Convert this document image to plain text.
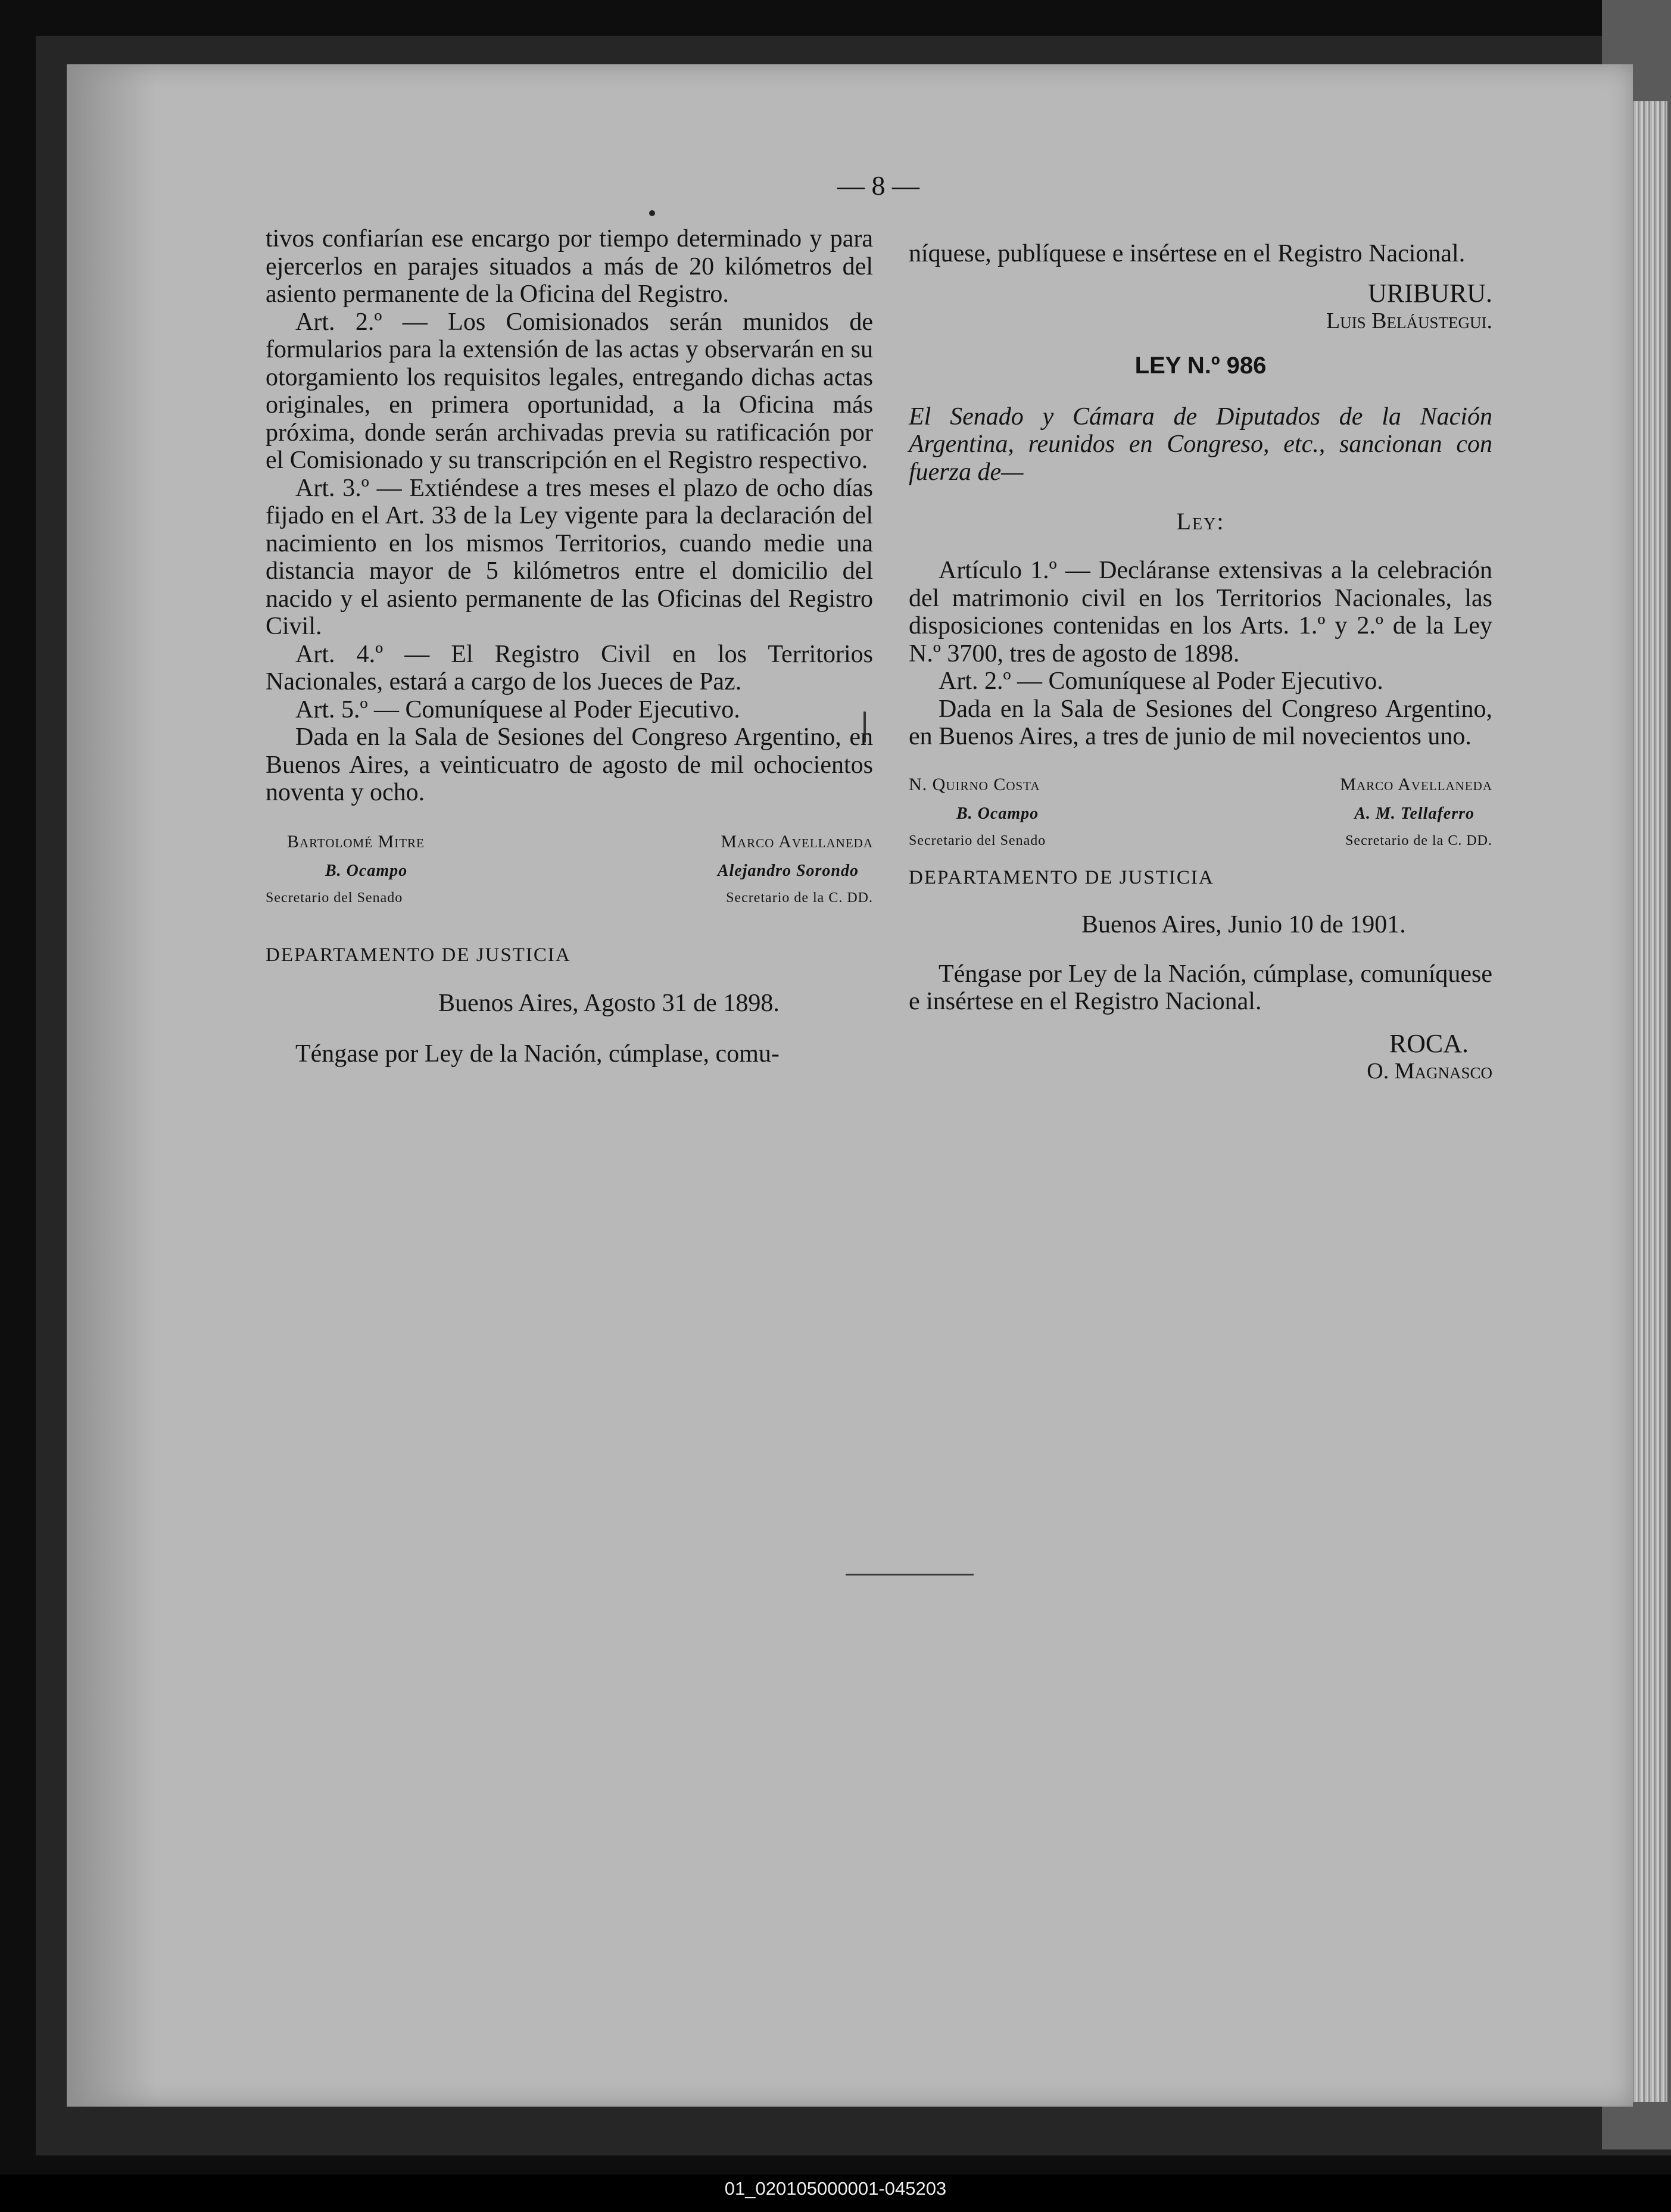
— 8 —

tivos confiarían ese encargo por tiempo determinado y para ejercerlos en parajes situados a más de 20 kilómetros del asiento permanente de la Oficina del Registro.

Art. 2.º — Los Comisionados serán munidos de formularios para la extensión de las actas y observarán en su otorgamiento los requisitos legales, entregando dichas actas originales, en primera oportunidad, a la Oficina más próxima, donde serán archivadas previa su ratificación por el Comisionado y su transcripción en el Registro respectivo.

Art. 3.º — Extiéndese a tres meses el plazo de ocho días fijado en el Art. 33 de la Ley vigente para la declaración del nacimiento en los mismos Territorios, cuando medie una distancia mayor de 5 kilómetros entre el domicilio del nacido y el asiento permanente de las Oficinas del Registro Civil.

Art. 4.º — El Registro Civil en los Territorios Nacionales, estará a cargo de los Jueces de Paz.

Art. 5.º — Comuníquese al Poder Ejecutivo.

Dada en la Sala de Sesiones del Congreso Argentino, en Buenos Aires, a veinticuatro de agosto de mil ochocientos noventa y ocho.

Bartolomé Mitre	Marco Avellaneda
B. Ocampo	Alejandro Sorondo
Secretario del Senado	Secretario de la C. DD.

DEPARTAMENTO DE JUSTICIA

Buenos Aires, Agosto 31 de 1898.

Téngase por Ley de la Nación, cúmplase, comu-

níquese, publíquese e insértese en el Registro Nacional.

URIBURU.

Luis Beláustegui.

LEY N.º 986

El Senado y Cámara de Diputados de la Nación Argentina, reunidos en Congreso, etc., sancionan con fuerza de—

Ley:

Artículo 1.º — Decláranse extensivas a la celebración del matrimonio civil en los Territorios Nacionales, las disposiciones contenidas en los Arts. 1.º y 2.º de la Ley N.º 3700, tres de agosto de 1898.

Art. 2.º — Comuníquese al Poder Ejecutivo.

Dada en la Sala de Sesiones del Congreso Argentino, en Buenos Aires, a tres de junio de mil novecientos uno.

N. Quirno Costa	Marco Avellaneda
B. Ocampo	A. M. Tellaferro
Secretario del Senado	Secretario de la C. DD.

DEPARTAMENTO DE JUSTICIA

Buenos Aires, Junio 10 de 1901.

Téngase por Ley de la Nación, cúmplase, comuníquese e insértese en el Registro Nacional.

ROCA.

O. Magnasco

01_020105000001-045203
